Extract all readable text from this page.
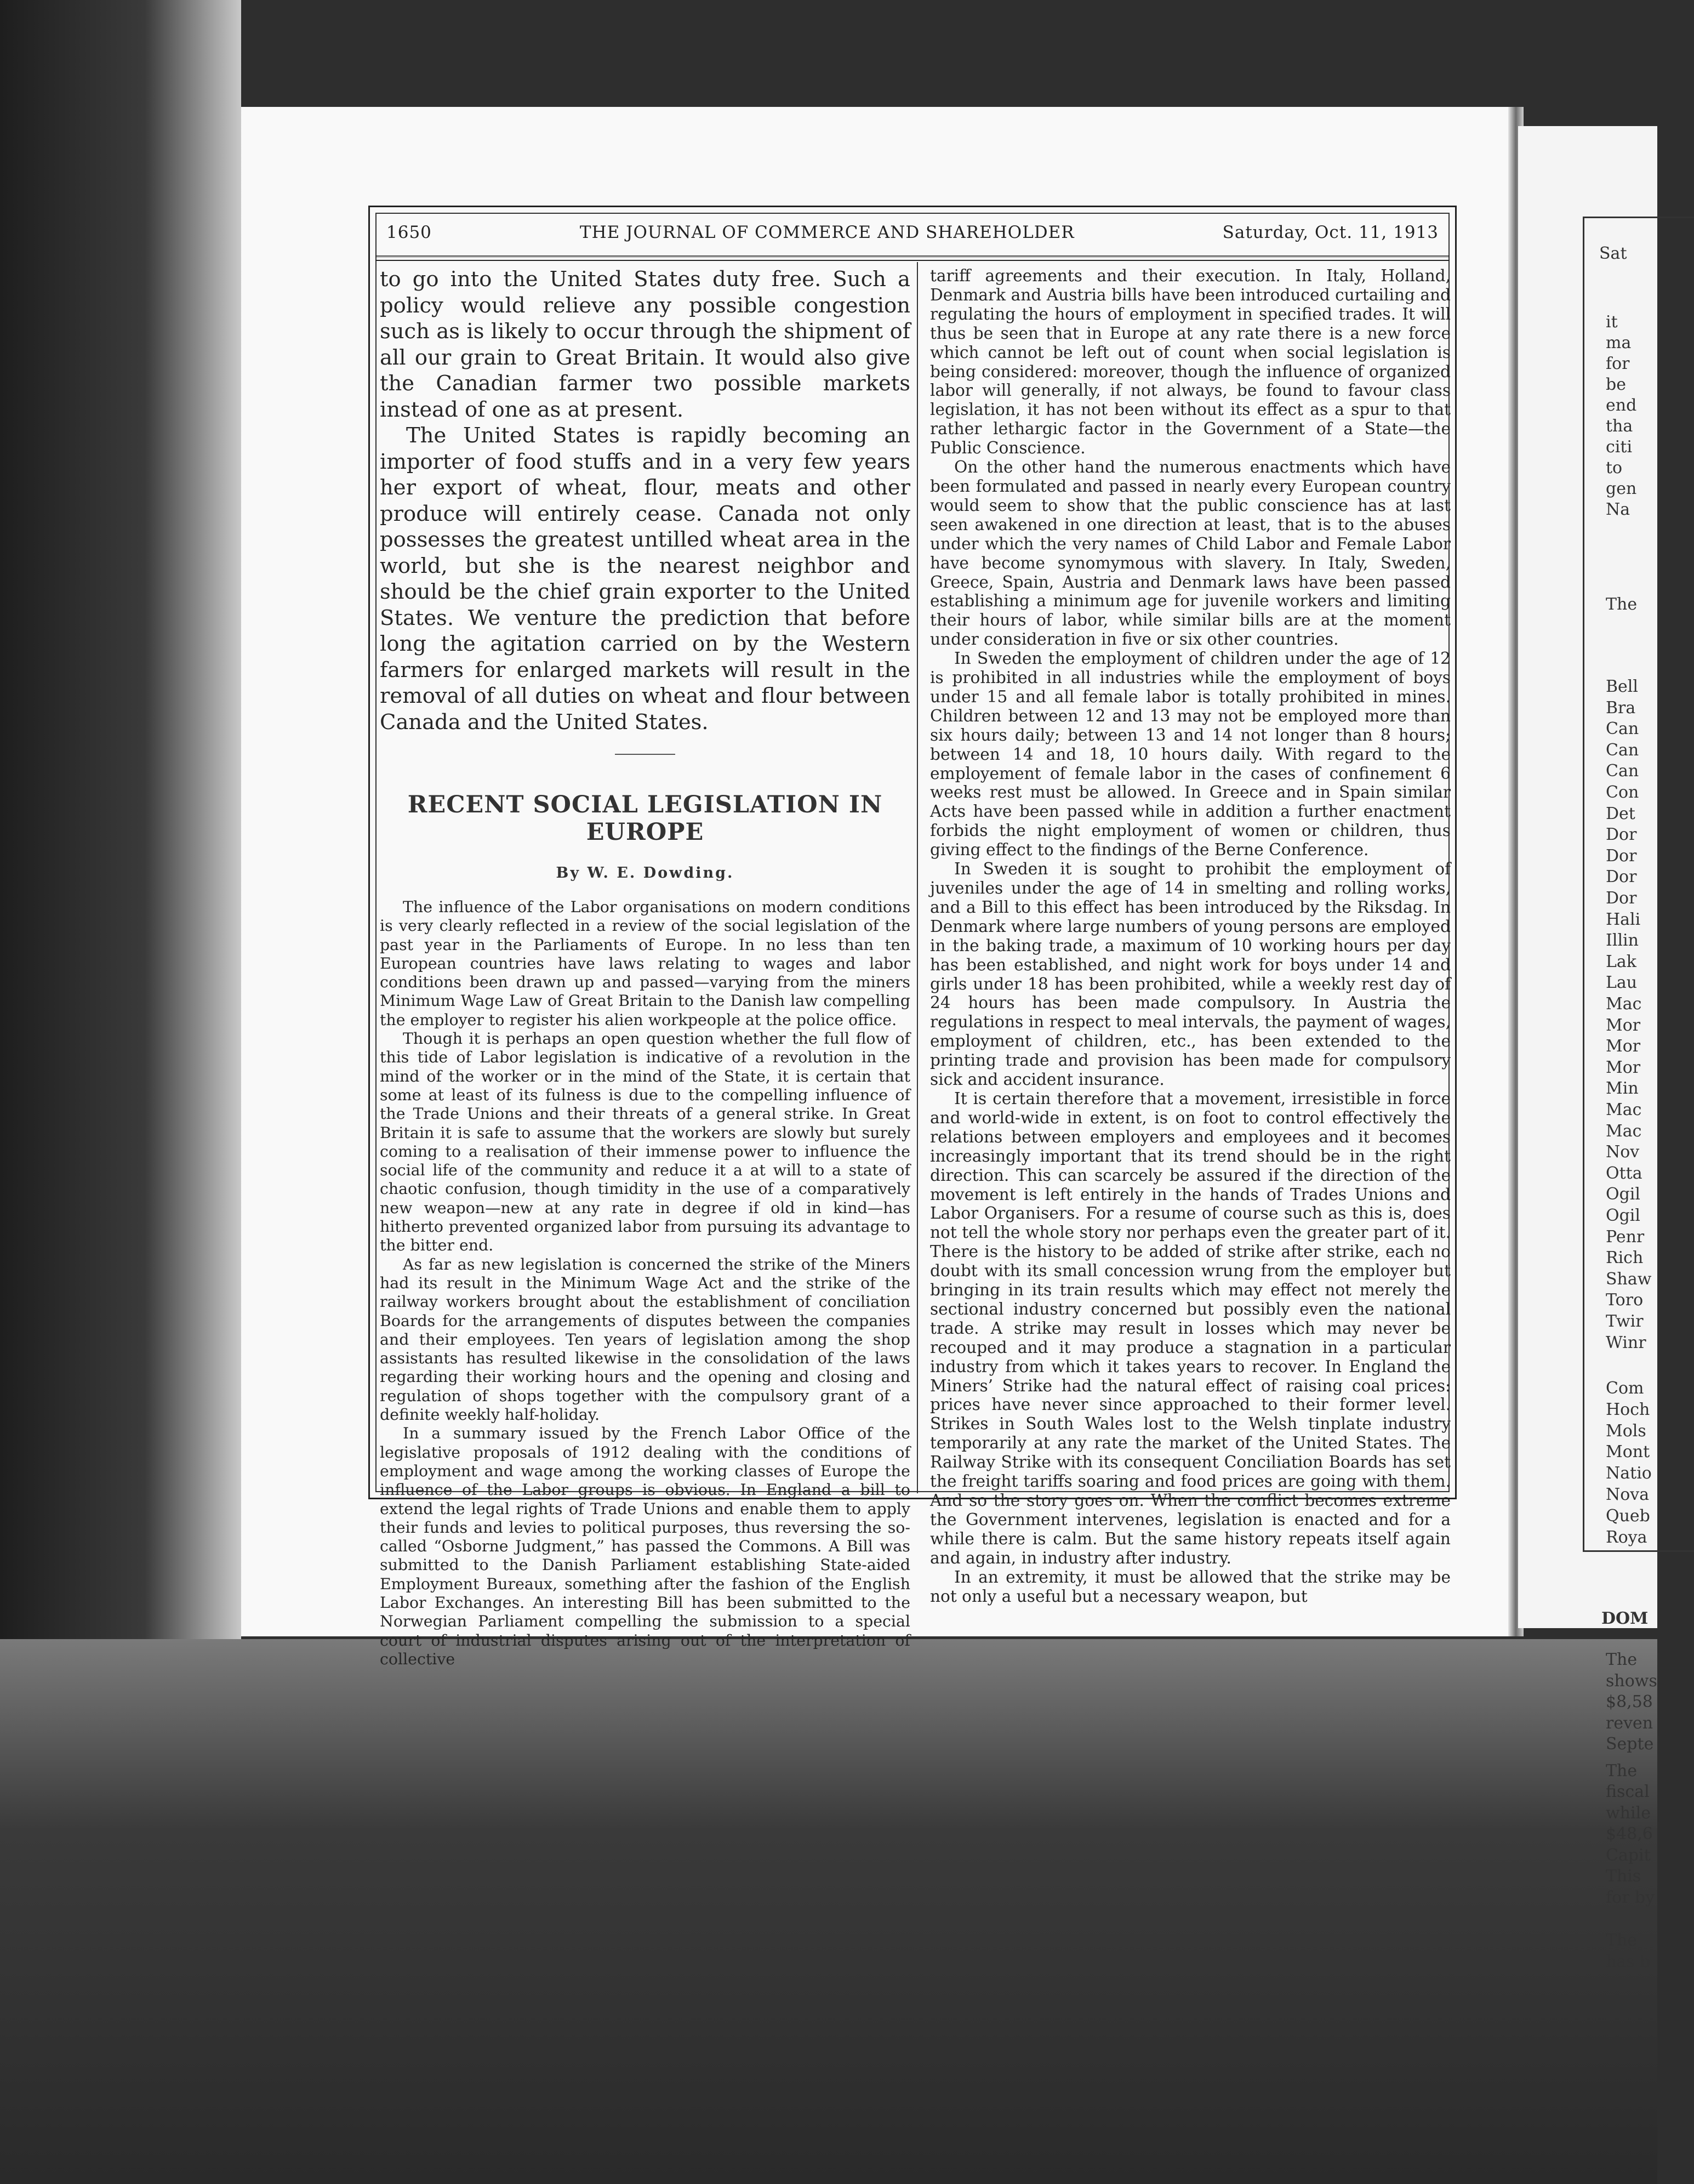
1650	THE JOURNAL OF COMMERCE AND SHAREHOLDER	Saturday, Oct. 11, 1913

to go into the United States duty free. Such a policy would relieve any possible congestion such as is likely to occur through the shipment of all our grain to Great Britain. It would also give the Canadian farmer two possible markets instead of one as at present.

The United States is rapidly becoming an importer of food stuffs and in a very few years her export of wheat, flour, meats and other produce will entirely cease. Canada not only possesses the greatest untilled wheat area in the world, but she is the nearest neighbor and should be the chief grain exporter to the United States. We venture the prediction that before long the agitation carried on by the Western farmers for enlarged markets will result in the removal of all duties on wheat and flour between Canada and the United States.

RECENT SOCIAL LEGISLATION IN EUROPE
By W. E. Dowding.

The influence of the Labor organisations on modern conditions is very clearly reflected in a review of the social legislation of the past year in the Parliaments of Europe. In no less than ten European countries have laws relating to wages and labor conditions been drawn up and passed—varying from the miners Minimum Wage Law of Great Britain to the Danish law compelling the employer to register his alien workpeople at the police office.

Though it is perhaps an open question whether the full flow of this tide of Labor legislation is indicative of a revolution in the mind of the worker or in the mind of the State, it is certain that some at least of its fulness is due to the compelling influence of the Trade Unions and their threats of a general strike. In Great Britain it is safe to assume that the workers are slowly but surely coming to a realisation of their immense power to influence the social life of the community and reduce it a at will to a state of chaotic confusion, though timidity in the use of a comparatively new weapon—new at any rate in degree if old in kind—has hitherto prevented organized labor from pursuing its advantage to the bitter end.

As far as new legislation is concerned the strike of the Miners had its result in the Minimum Wage Act and the strike of the railway workers brought about the establishment of conciliation Boards for the arrangements of disputes between the companies and their employees. Ten years of legislation among the shop assistants has resulted likewise in the consolidation of the laws regarding their working hours and the opening and closing and regulation of shops together with the compulsory grant of a definite weekly half-holiday.

In a summary issued by the French Labor Office of the legislative proposals of 1912 dealing with the conditions of employment and wage among the working classes of Europe the influence of the Labor groups is obvious. In England a bill to extend the legal rights of Trade Unions and enable them to apply their funds and levies to political purposes, thus reversing the so-called “Osborne Judgment,” has passed the Commons. A Bill was submitted to the Danish Parliament establishing State-aided Employment Bureaux, something after the fashion of the English Labor Exchanges. An interesting Bill has been submitted to the Norwegian Parliament compelling the submission to a special court of industrial disputes arising out of the interpretation of collective

tariff agreements and their execution. In Italy, Holland, Denmark and Austria bills have been introduced curtailing and regulating the hours of employment in specified trades. It will thus be seen that in Europe at any rate there is a new force which cannot be left out of count when social legislation is being considered: moreover, though the influence of organized labor will generally, if not always, be found to favour class legislation, it has not been without its effect as a spur to that rather lethargic factor in the Government of a State—the Public Conscience.

On the other hand the numerous enactments which have been formulated and passed in nearly every European country would seem to show that the public conscience has at last seen awakened in one direction at least, that is to the abuses under which the very names of Child Labor and Female Labor have become synomymous with slavery. In Italy, Sweden, Greece, Spain, Austria and Denmark laws have been passed establishing a minimum age for juvenile workers and limiting their hours of labor, while similar bills are at the moment under consideration in five or six other countries.

In Sweden the employment of children under the age of 12 is prohibited in all industries while the employment of boys under 15 and all female labor is totally prohibited in mines. Children between 12 and 13 may not be employed more than six hours daily; between 13 and 14 not longer than 8 hours; between 14 and 18, 10 hours daily. With regard to the employement of female labor in the cases of confinement 6 weeks rest must be allowed. In Greece and in Spain similar Acts have been passed while in addition a further enactment forbids the night employment of women or children, thus giving effect to the findings of the Berne Conference.

In Sweden it is sought to prohibit the employment of juveniles under the age of 14 in smelting and rolling works, and a Bill to this effect has been introduced by the Riksdag. In Denmark where large numbers of young persons are employed in the baking trade, a maximum of 10 working hours per day has been established, and night work for boys under 14 and girls under 18 has been prohibited, while a weekly rest day of 24 hours has been made compulsory. In Austria the regulations in respect to meal intervals, the payment of wages, employment of children, etc., has been extended to the printing trade and provision has been made for compulsory sick and accident insurance.

It is certain therefore that a movement, irresistible in force and world-wide in extent, is on foot to control effectively the relations between employers and employees and it becomes increasingly important that its trend should be in the right direction. This can scarcely be assured if the direction of the movement is left entirely in the hands of Trades Unions and Labor Organisers. For a resume of course such as this is, does not tell the whole story nor perhaps even the greater part of it. There is the history to be added of strike after strike, each no doubt with its small concession wrung from the employer but bringing in its train results which may effect not merely the sectional industry concerned but possibly even the national trade. A strike may result in losses which may never be recouped and it may produce a stagnation in a particular industry from which it takes years to recover. In England the Miners’ Strike had the natural effect of raising coal prices: prices have never since approached to their former level. Strikes in South Wales lost to the Welsh tinplate industry temporarily at any rate the market of the United States. The Railway Strike with its consequent Conciliation Boards has set the freight tariffs soaring and food prices are going with them. And so the story goes on. When the conflict becomes extreme the Government intervenes, legislation is enacted and for a while there is calm. But the same history repeats itself again and again, in industry after industry.

In an extremity, it must be allowed that the strike may be not only a useful but a necessary weapon, but

Sat
it
ma
for
be
end
tha
citi
to
gen
Na
The
Bell
Bra
Can
Can
Can
Con
Det
Dor
Dor
Dor
Dor
Hali
Illin
Lak
Lau
Mac
Mor
Mor
Mor
Min
Mac
Mac
Nov
Otta
Ogil
Ogil
Penr
Rich
Shaw
Toro
Twir
Winr
Com
Hoch
Mols
Mont
Natio
Nova
Queb
Roya
DOM
The
shows
$8,58
reven
Septe
The
fiscal
while
$48,6
Capit
This
for by
The
has b
